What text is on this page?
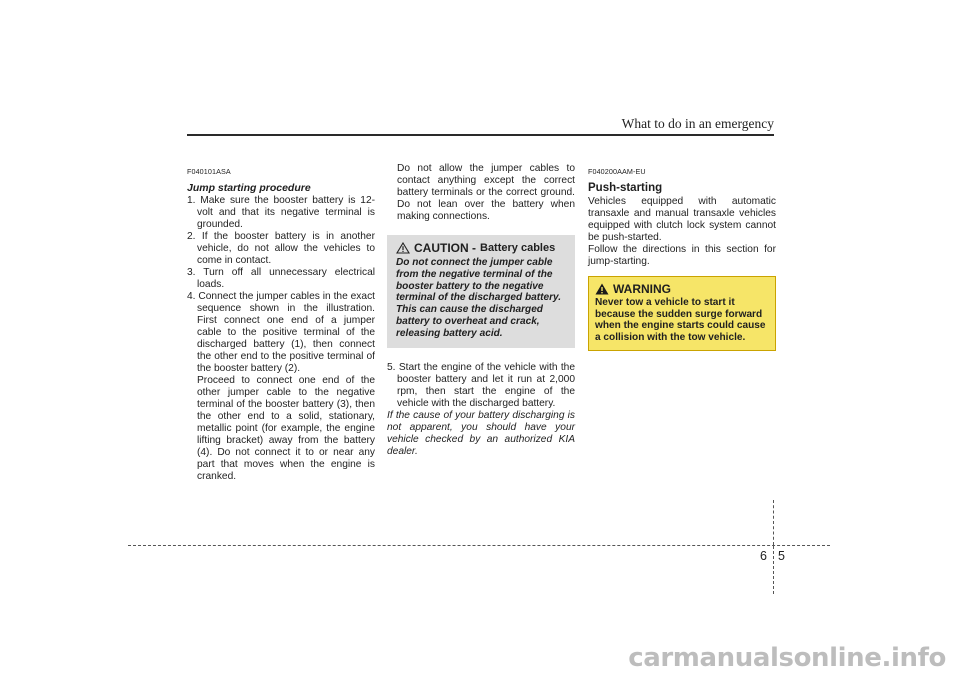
What to do in an emergency
F040101ASA
Jump starting procedure
1. Make sure the booster battery is 12-volt and that its negative terminal is grounded.
2. If the booster battery is in another vehicle, do not allow the vehicles to come in contact.
3. Turn off all unnecessary electrical loads.
4. Connect the jumper cables in the exact sequence shown in the illustration. First connect one end of a jumper cable to the positive terminal of the discharged battery (1), then connect the other end to the positive terminal of the booster battery (2).

Proceed to connect one end of the other jumper cable to the negative terminal of the booster battery (3), then the other end to a solid, stationary, metallic point (for example, the engine lifting bracket) away from the battery (4). Do not connect it to or near any part that moves when the engine is cranked.

Do not allow the jumper cables to contact anything except the correct battery terminals or the correct ground. Do not lean over the battery when making connections.

CAUTION - Battery cables
Do not connect the jumper cable from the negative terminal of the booster battery to the negative terminal of the discharged battery. This can cause the discharged battery to overheat and crack, releasing battery acid.
5. Start the engine of the vehicle with the booster battery and let it run at 2,000 rpm, then start the engine of the vehicle with the discharged battery.

If the cause of your battery discharging is not apparent, you should have your vehicle checked by an authorized KIA dealer.

F040200AAM-EU
Push-starting

Vehicles equipped with automatic transaxle and manual transaxle vehicles equipped with clutch lock system cannot be push-started.

Follow the directions in this section for jump-starting.

WARNING
Never tow a vehicle to start it because the sudden surge forward when the engine starts could cause a collision with the tow vehicle.
6 5
carmanualsonline.info
